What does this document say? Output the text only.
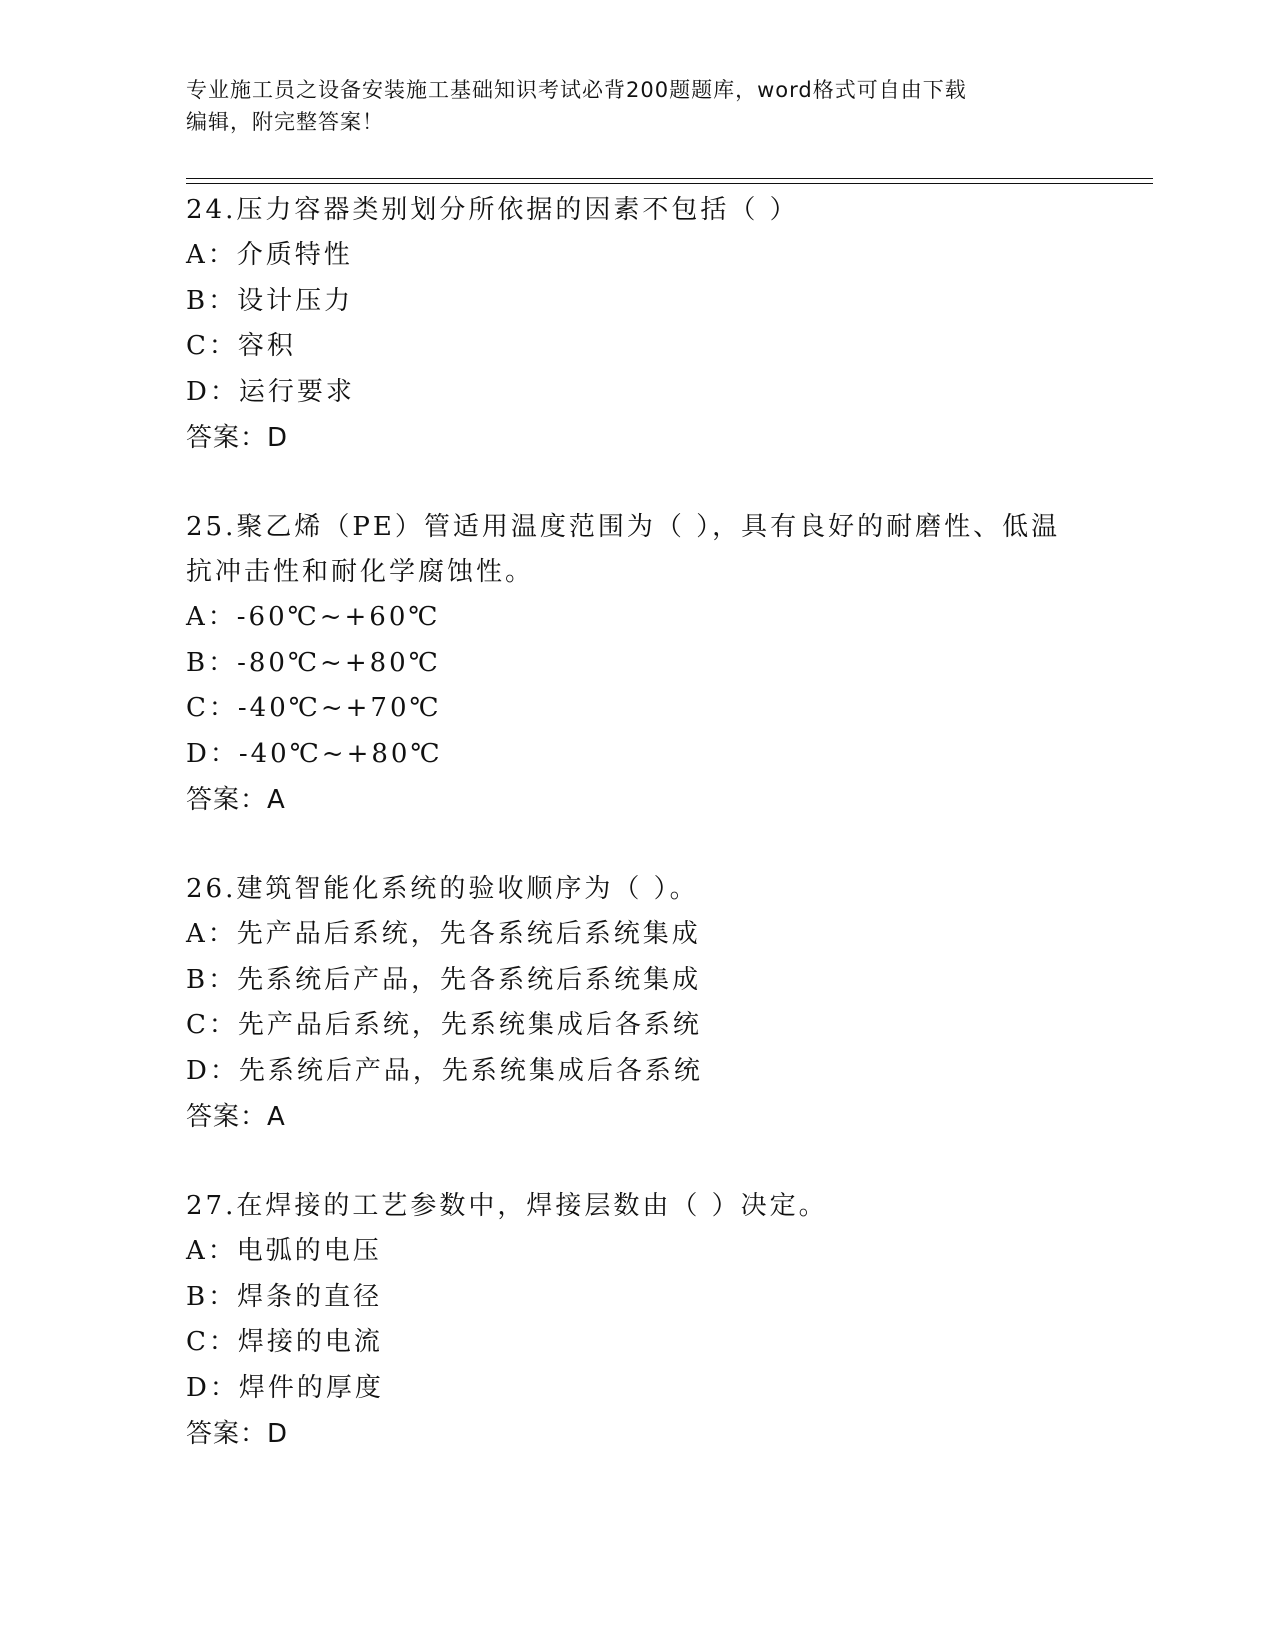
专业施工员之设备安装施工基础知识考试必背200题题库，word格式可自由下载
编辑，附完整答案！
24.压力容器类别划分所依据的因素不包括（ ）
A：介质特性
B：设计压力
C：容积
D：运行要求
答案：D
25.聚乙烯（PE）管适用温度范围为（ ），具有良好的耐磨性、低温抗冲击性和耐化学腐蚀性。
A：-60℃~+60℃
B：-80℃~+80℃
C：-40℃~+70℃
D：-40℃~+80℃
答案：A
26.建筑智能化系统的验收顺序为（ ）。
A：先产品后系统，先各系统后系统集成
B：先系统后产品，先各系统后系统集成
C：先产品后系统，先系统集成后各系统
D：先系统后产品，先系统集成后各系统
答案：A
27.在焊接的工艺参数中，焊接层数由（ ）决定。
A：电弧的电压
B：焊条的直径
C：焊接的电流
D：焊件的厚度
答案：D
